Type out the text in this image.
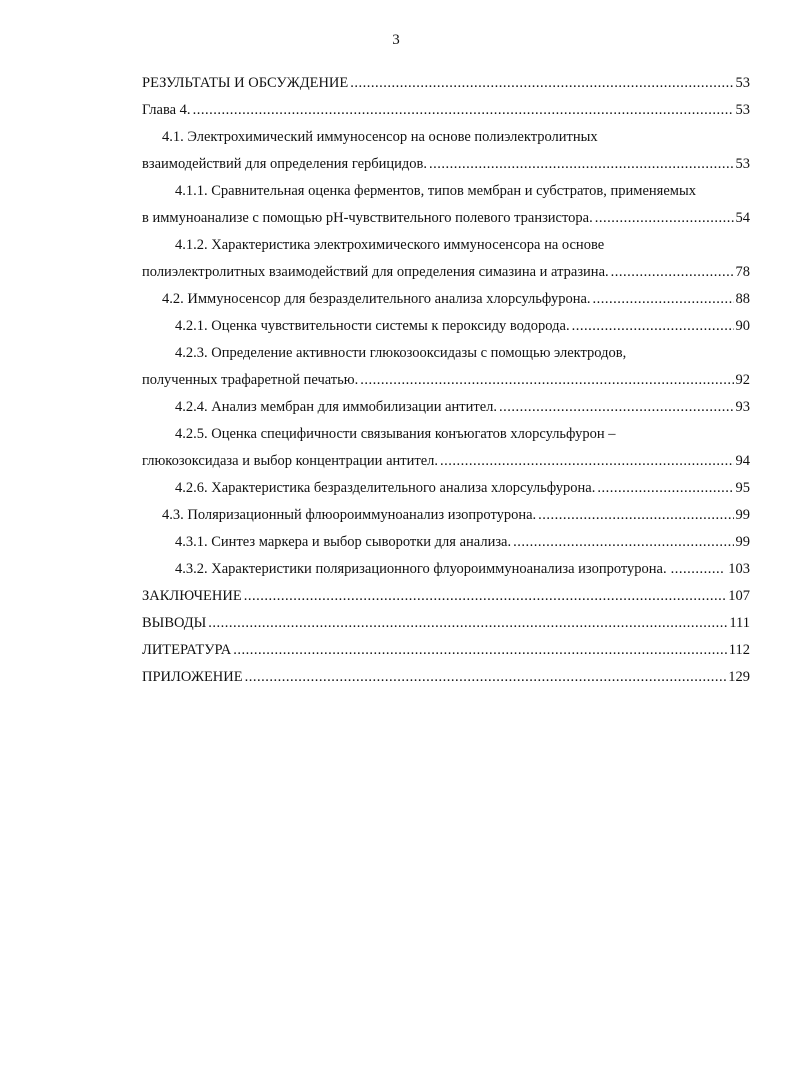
3
РЕЗУЛЬТАТЫ И ОБСУЖДЕНИЕ .....	53
Глава 4. .....	53
4.1. Электрохимический иммуносенсор на основе полиэлектролитных
взаимодействий для определения гербицидов. .....	53
4.1.1. Сравнительная оценка ферментов, типов мембран и субстратов, применяемых
в иммуноанализе с помощью pH-чувствительного полевого транзистора. .....	54
4.1.2. Характеристика электрохимического иммуносенсора на основе
полиэлектролитных взаимодействий для определения симазина и атразина. .....	78
4.2. Иммуносенсор для безразделительного анализа хлорсульфурона. .....	88
4.2.1. Оценка чувствительности системы к пероксиду водорода. .....	90
4.2.3. Определение активности глюкозооксидазы с помощью электродов,
полученных трафаретной печатью. .....	92
4.2.4. Анализ мембран для иммобилизации антител. .....	93
4.2.5. Оценка специфичности связывания конъюгатов хлорсульфурон –
глюкозоксидаза и выбор концентрации антител. .....	94
4.2.6. Характеристика безразделительного анализа хлорсульфурона. .....	95
4.3. Поляризационный флюороиммуноанализ изопротурона. .....	99
4.3.1. Синтез маркера и выбор сыворотки для анализа. .....	99
4.3.2. Характеристики поляризационного флуороиммуноанализа изопротурона. .....	103
ЗАКЛЮЧЕНИЕ .....	107
ВЫВОДЫ .....	111
ЛИТЕРАТУРА .....	112
ПРИЛОЖЕНИЕ .....	129
